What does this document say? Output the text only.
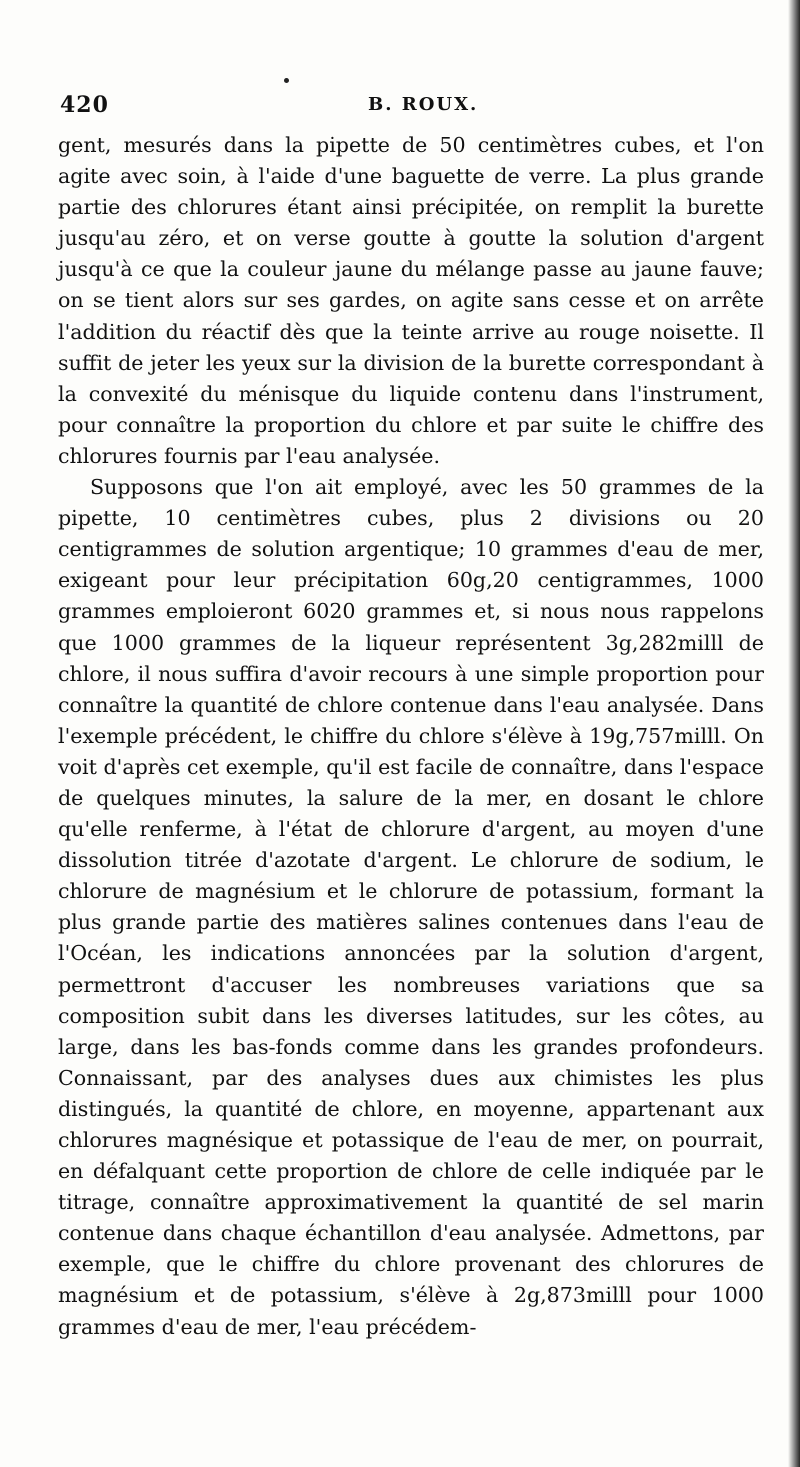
420	B. ROUX.

gent, mesurés dans la pipette de 50 centimètres cubes, et l'on agite avec soin, à l'aide d'une baguette de verre. La plus grande partie des chlorures étant ainsi précipitée, on remplit la burette jusqu'au zéro, et on verse goutte à goutte la solution d'argent jusqu'à ce que la couleur jaune du mélange passe au jaune fauve; on se tient alors sur ses gardes, on agite sans cesse et on arrête l'addition du réactif dès que la teinte arrive au rouge noisette. Il suffit de jeter les yeux sur la division de la burette correspondant à la convexité du ménisque du liquide contenu dans l'instrument, pour connaître la proportion du chlore et par suite le chiffre des chlorures fournis par l'eau analysée.

Supposons que l'on ait employé, avec les 50 grammes de la pipette, 10 centimètres cubes, plus 2 divisions ou 20 centigrammes de solution argentique; 10 grammes d'eau de mer, exigeant pour leur précipitation 60g,20 centigrammes, 1000 grammes emploieront 6020 grammes et, si nous nous rappelons que 1000 grammes de la liqueur représentent 3g,282milll de chlore, il nous suffira d'avoir recours à une simple proportion pour connaître la quantité de chlore contenue dans l'eau analysée. Dans l'exemple précédent, le chiffre du chlore s'élève à 19g,757milll. On voit d'après cet exemple, qu'il est facile de connaître, dans l'espace de quelques minutes, la salure de la mer, en dosant le chlore qu'elle renferme, à l'état de chlorure d'argent, au moyen d'une dissolution titrée d'azotate d'argent. Le chlorure de sodium, le chlorure de magnésium et le chlorure de potassium, formant la plus grande partie des matières salines contenues dans l'eau de l'Océan, les indications annoncées par la solution d'argent, permettront d'accuser les nombreuses variations que sa composition subit dans les diverses latitudes, sur les côtes, au large, dans les bas-fonds comme dans les grandes profondeurs. Connaissant, par des analyses dues aux chimistes les plus distingués, la quantité de chlore, en moyenne, appartenant aux chlorures magnésique et potassique de l'eau de mer, on pourrait, en défalquant cette proportion de chlore de celle indiquée par le titrage, connaître approximativement la quantité de sel marin contenue dans chaque échantillon d'eau analysée. Admettons, par exemple, que le chiffre du chlore provenant des chlorures de magnésium et de potassium, s'élève à 2g,873milll pour 1000 grammes d'eau de mer, l'eau précédem-
